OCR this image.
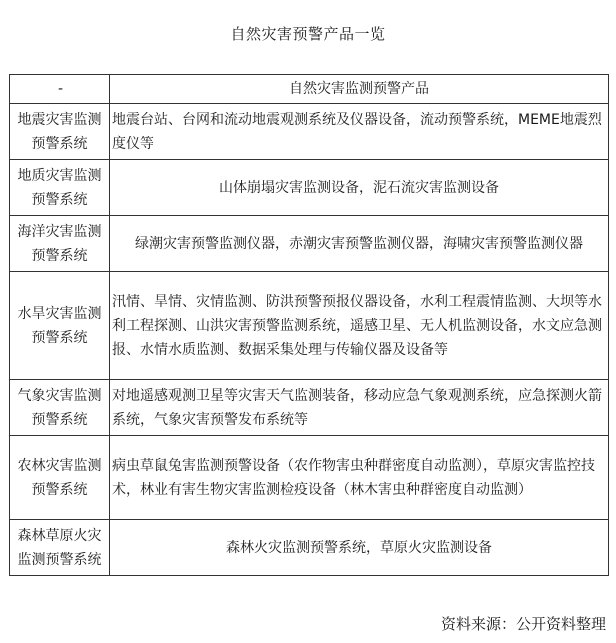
自然灾害预警产品一览
-	自然灾害监测预警产品
地震灾害监测预警系统	地震台站、台网和流动地震观测系统及仪器设备，流动预警系统，MEME地震烈度仪等
地质灾害监测预警系统	山体崩塌灾害监测设备，泥石流灾害监测设备
海洋灾害监测预警系统	绿潮灾害预警监测仪器，赤潮灾害预警监测仪器，海啸灾害预警监测仪器
水旱灾害监测预警系统	汛情、旱情、灾情监测、防洪预警预报仪器设备，水利工程震情监测、大坝等水利工程探测、山洪灾害预警监测系统，遥感卫星、无人机监测设备，水文应急测报、水情水质监测、数据采集处理与传输仪器及设备等
气象灾害监测预警系统	对地遥感观测卫星等灾害天气监测装备，移动应急气象观测系统，应急探测火箭系统，气象灾害预警发布系统等
农林灾害监测预警系统	病虫草鼠兔害监测预警设备（农作物害虫种群密度自动监测），草原灾害监控技术，林业有害生物灾害监测检疫设备（林木害虫种群密度自动监测）
森林草原火灾监测预警系统	森林火灾监测预警系统，草原火灾监测设备
资料来源：公开资料整理
